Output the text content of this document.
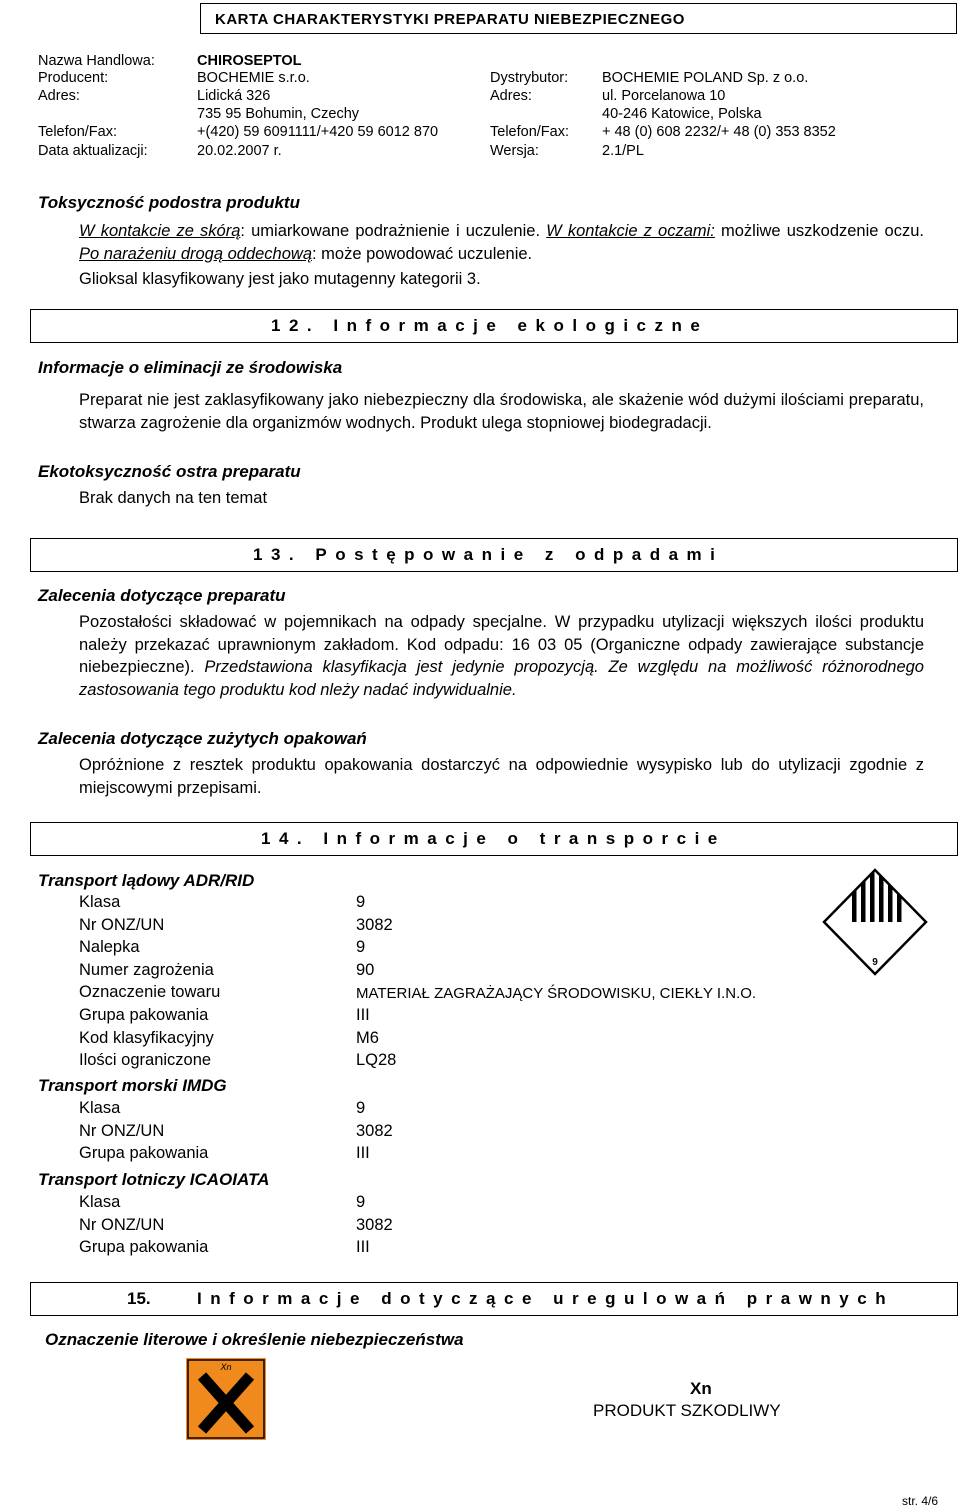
KARTA CHARAKTERYSTYKI PREPARATU NIEBEZPIECZNEGO
Nazwa Handlowa:	CHIROSEPTOL
Producent:	BOCHEMIE s.r.o.	Dystrybutor: BOCHEMIE POLAND Sp. z o.o.
Adres:	Lidická 326	Adres:	ul. Porcelanowa 10
735 95 Bohumin, Czechy	40-246 Katowice, Polska
Telefon/Fax:	+(420) 59 6091111/+420 59 6012 870	Telefon/Fax: + 48 (0) 608 2232/+ 48 (0) 353 8352
Data aktualizacji:	20.02.2007 r.	Wersja:	2.1/PL
Toksyczność podostra produktu
W kontakcie ze skórą: umiarkowane podrażnienie i uczulenie. W kontakcie z oczami: możliwe uszkodzenie oczu. Po narażeniu drogą oddechową: może powodować uczulenie.
Glioksal klasyfikowany jest jako mutagenny kategorii 3.
12. Informacje ekologiczne
Informacje o eliminacji ze środowiska
Preparat nie jest zaklasyfikowany jako niebezpieczny dla środowiska, ale skażenie wód dużymi ilościami preparatu, stwarza zagrożenie dla organizmów wodnych. Produkt ulega stopniowej biodegradacji.
Ekotoksyczność ostra preparatu
Brak danych na ten temat
13. Postępowanie z odpadami
Zalecenia dotyczące preparatu
Pozostałości składować w pojemnikach na odpady specjalne. W przypadku utylizacji większych ilości produktu należy przekazać uprawnionym zakładom. Kod odpadu: 16 03 05 (Organiczne odpady zawierające substancje niebezpieczne). Przedstawiona klasyfikacja jest jedynie propozycją. Ze względu na możliwość różnorodnego zastosowania tego produktu kod nleży nadać indywidualnie.
Zalecenia dotyczące zużytych opakowań
Opróżnione z resztek produktu opakowania dostarczyć na odpowiednie wysypisko lub do utylizacji zgodnie z miejscowymi przepisami.
14. Informacje o transporcie
Transport lądowy ADR/RID
Klasa	9
Nr ONZ/UN	3082
Nalepka	9
Numer zagrożenia	90
Oznaczenie towaru	MATERIAŁ ZAGRAŻAJĄCY ŚRODOWISKU, CIEKŁY I.N.O.
Grupa pakowania	III
Kod klasyfikacyjny	M6
Ilości ograniczone	LQ28
Transport morski IMDG
Klasa	9
Nr ONZ/UN	3082
Grupa pakowania	III
Transport lotniczy ICAOIATA
Klasa	9
Nr ONZ/UN	3082
Grupa pakowania	III
9
15.	Informacje dotyczące uregulowań prawnych
Oznaczenie literowe i określenie niebezpieczeństwa
Xn
Xn
PRODUKT SZKODLIWY
str. 4/6
